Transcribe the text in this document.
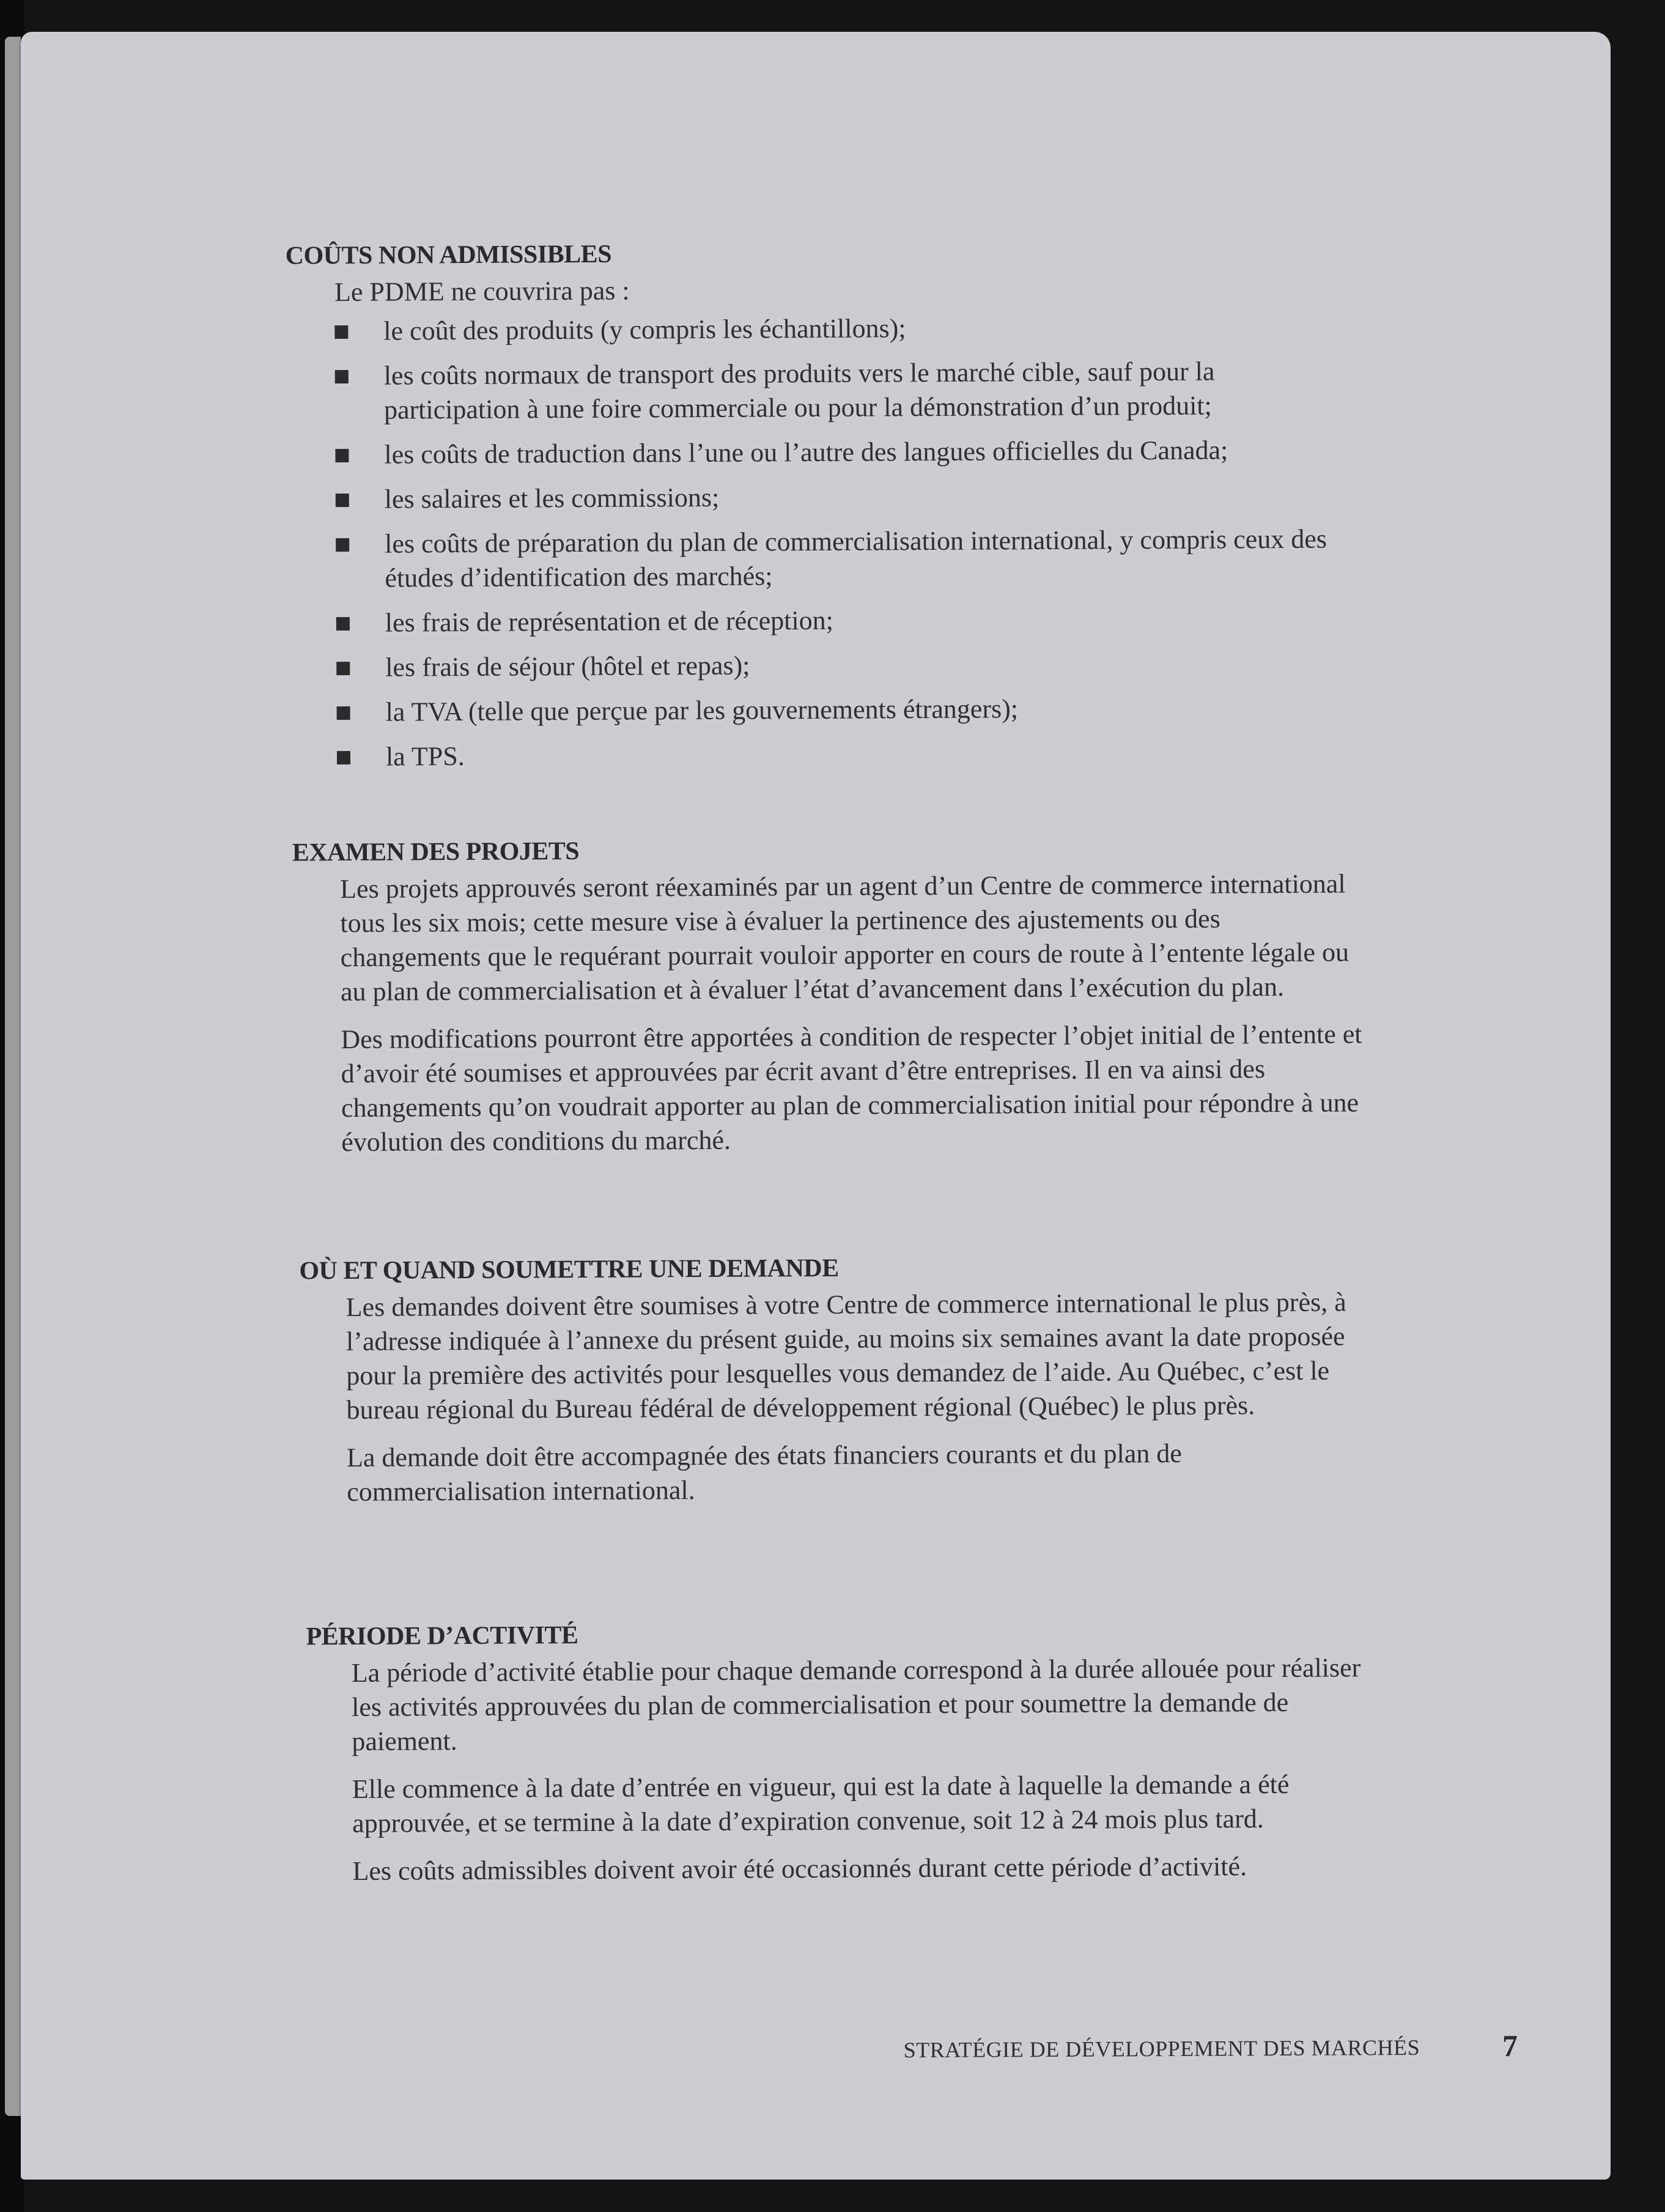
COÛTS NON ADMISSIBLES

Le PDME ne couvrira pas :

le coût des produits (y compris les échantillons);
les coûts normaux de transport des produits vers le marché cible, sauf pour la participation à une foire commerciale ou pour la démonstration d’un produit;
les coûts de traduction dans l’une ou l’autre des langues officielles du Canada;
les salaires et les commissions;
les coûts de préparation du plan de commercialisation international, y compris ceux des études d’identification des marchés;
les frais de représentation et de réception;
les frais de séjour (hôtel et repas);
la TVA (telle que perçue par les gouvernements étrangers);
la TPS.
EXAMEN DES PROJETS

Les projets approuvés seront réexaminés par un agent d’un Centre de commerce international tous les six mois; cette mesure vise à évaluer la pertinence des ajustements ou des changements que le requérant pourrait vouloir apporter en cours de route à l’entente légale ou au plan de commercialisation et à évaluer l’état d’avancement dans l’exécution du plan.

Des modifications pourront être apportées à condition de respecter l’objet initial de l’entente et d’avoir été soumises et approuvées par écrit avant d’être entreprises. Il en va ainsi des changements qu’on voudrait apporter au plan de commercialisation initial pour répondre à une évolution des conditions du marché.

OÙ ET QUAND SOUMETTRE UNE DEMANDE

Les demandes doivent être soumises à votre Centre de commerce international le plus près, à l’adresse indiquée à l’annexe du présent guide, au moins six semaines avant la date proposée pour la première des activités pour lesquelles vous demandez de l’aide. Au Québec, c’est le bureau régional du Bureau fédéral de développement régional (Québec) le plus près.

La demande doit être accompagnée des états financiers courants et du plan de commercialisation international.

PÉRIODE D’ACTIVITÉ

La période d’activité établie pour chaque demande correspond à la durée allouée pour réaliser les activités approuvées du plan de commercialisation et pour soumettre la demande de paiement.

Elle commence à la date d’entrée en vigueur, qui est la date à laquelle la demande a été approuvée, et se termine à la date d’expiration convenue, soit 12 à 24 mois plus tard.

Les coûts admissibles doivent avoir été occasionnés durant cette période d’activité.

STRATÉGIE DE DÉVELOPPEMENT DES MARCHÉS	7
